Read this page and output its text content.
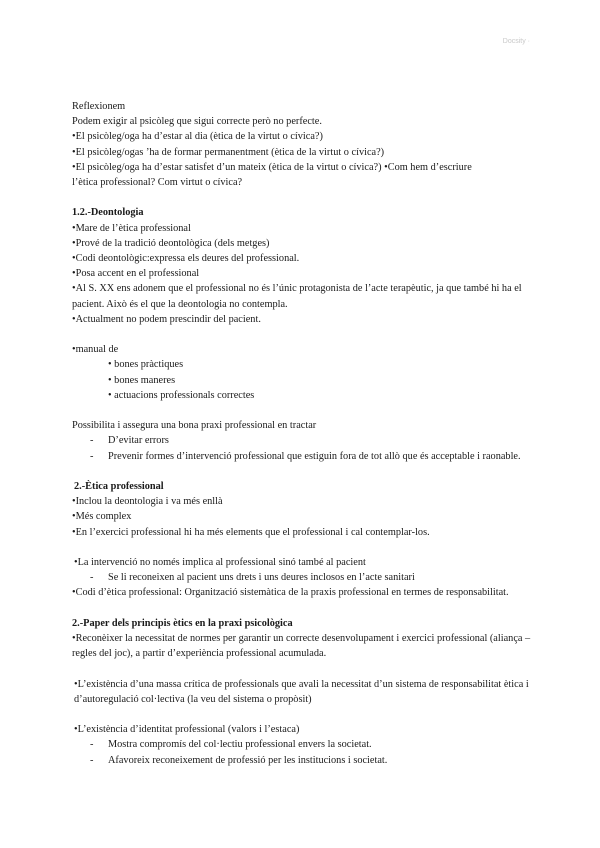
Docsity ·
Reflexionem
Podem exigir al psicòleg que sigui correcte però no perfecte.
•El psicòleg/oga ha d’estar al dia (ètica de la virtut o cívica?)
•El psicòleg/ogas ’ha de formar permanentment (ètica de la virtut o cívica?)
•El psicòleg/oga ha d’estar satisfet d’un mateix (ètica de la virtut o cívica?) •Com hem d’escriure
l’ètica professional? Com virtut o cívica?
1.2.-Deontologia
•Mare de l’ètica professional
•Prové de la tradició deontològica (dels metges)
•Codi deontològic:expressa els deures del professional.
•Posa accent en el professional
•Al S. XX ens adonem que el professional no és l’únic protagonista de l’acte terapèutic, ja que també hi ha el pacient. Això és el que la deontologia no contempla.
•Actualment no podem prescindir del pacient.
•manual de
• bones pràctiques
• bones maneres
• actuacions professionals correctes
Possibilita i assegura una bona praxi professional en tractar
-	D’evitar errors
-	Prevenir formes d’intervenció professional que estiguin fora de tot allò que és acceptable i raonable.
2.-Ètica professional
•Inclou la deontologia i va més enllà
•Més complex
•En l’exercici professional hi ha més elements que el professional i cal contemplar-los.
•La intervenció no només implica al professional sinó també al pacient
-	Se li reconeixen al pacient uns drets i uns deures inclosos en l’acte sanitari
•Codi d’ètica professional: Organització sistemàtica de la praxis professional en termes de responsabilitat.
2.-Paper dels principis ètics en la praxi psicològica
•Reconèixer la necessitat de normes per garantir un correcte desenvolupament i exercici professional (aliança –regles del joc), a partir d’experiència professional acumulada.
•L’existència d’una massa crítica de professionals que avali la necessitat d’un sistema de responsabilitat ètica i d’autoregulació col·lectiva (la veu del sistema o propòsit)
•L’existència d’identitat professional (valors i l’estaca)
-	Mostra compromís del col·lectiu professional envers la societat.
-	Afavoreix reconeixement de professió per les institucions i societat.
